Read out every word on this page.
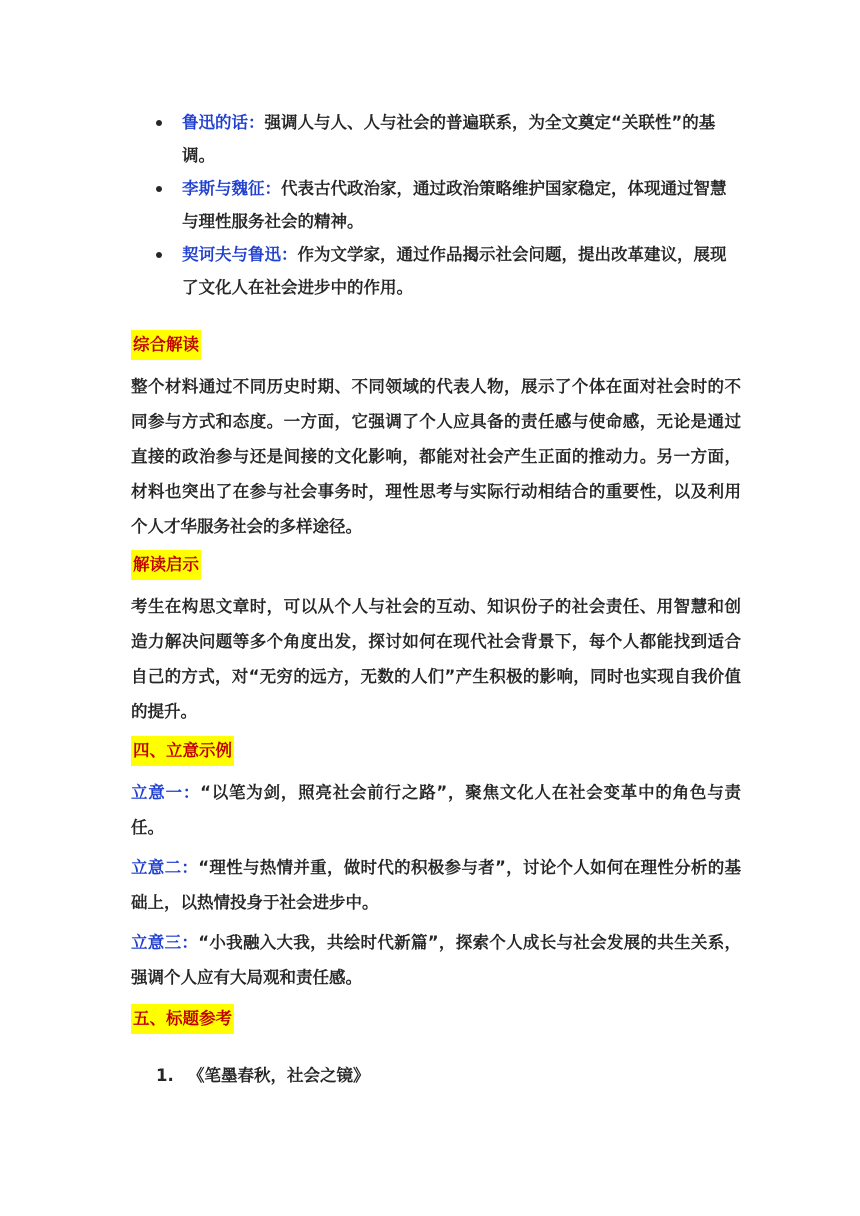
鲁迅的话：强调人与人、人与社会的普遍联系，为全文奠定“关联性”的基调。
李斯与魏征：代表古代政治家，通过政治策略维护国家稳定，体现通过智慧与理性服务社会的精神。
契诃夫与鲁迅：作为文学家，通过作品揭示社会问题，提出改革建议，展现了文化人在社会进步中的作用。
综合解读
整个材料通过不同历史时期、不同领域的代表人物，展示了个体在面对社会时的不同参与方式和态度。一方面，它强调了个人应具备的责任感与使命感，无论是通过直接的政治参与还是间接的文化影响，都能对社会产生正面的推动力。另一方面，材料也突出了在参与社会事务时，理性思考与实际行动相结合的重要性，以及利用个人才华服务社会的多样途径。
解读启示
考生在构思文章时，可以从个人与社会的互动、知识份子的社会责任、用智慧和创造力解决问题等多个角度出发，探讨如何在现代社会背景下，每个人都能找到适合自己的方式，对“无穷的远方，无数的人们”产生积极的影响，同时也实现自我价值的提升。
四、立意示例
立意一：“以笔为剑，照亮社会前行之路”，聚焦文化人在社会变革中的角色与责任。
立意二：“理性与热情并重，做时代的积极参与者”，讨论个人如何在理性分析的基础上，以热情投身于社会进步中。
立意三：“小我融入大我，共绘时代新篇”，探索个人成长与社会发展的共生关系，强调个人应有大局观和责任感。
五、标题参考
1. 《笔墨春秋，社会之镜》
